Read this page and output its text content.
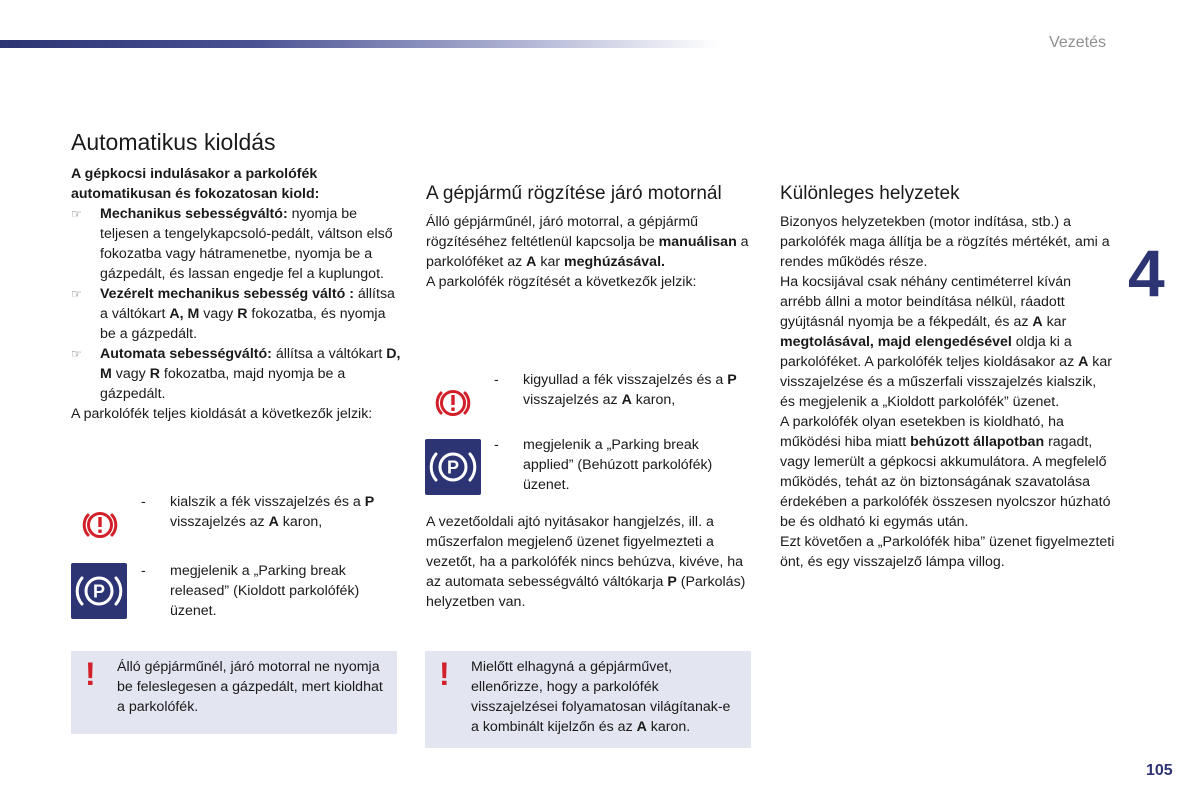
Vezetés
4
105
Automatikus kioldás

A gépkocsi indulásakor a parkolófék automatikusan és fokozatosan kiold:

☞ Mechanikus sebességváltó: nyomja be teljesen a tengelykapcsoló-pedált, váltson első fokozatba vagy hátramenetbe, nyomja be a gázpedált, és lassan engedje fel a kuplungot.
☞ Vezérelt mechanikus sebesség váltó : állítsa a váltókart A, M vagy R fokozatba, és nyomja be a gázpedált.
☞ Automata sebességváltó: állítsa a váltókart D, M vagy R fokozatba, majd nyomja be a gázpedált.

A parkolófék teljes kioldását a következők jelzik:

- kialszik a fék visszajelzés és a P visszajelzés az A karon,
P
- megjelenik a „Parking break released” (Kioldott parkolófék) üzenet.
! Álló gépjárműnél, járó motorral ne nyomja be feleslegesen a gázpedált, mert kioldhat a parkolófék.
A gépjármű rögzítése járó motornál

Álló gépjárműnél, járó motorral, a gépjármű rögzítéséhez feltétlenül kapcsolja be manuálisan a parkolóféket az A kar meghúzásával.

A parkolófék rögzítését a következők jelzik:

- kigyullad a fék visszajelzés és a P visszajelzés az A karon,
P
- megjelenik a „Parking break applied” (Behúzott parkolófék) üzenet.
A vezetőoldali ajtó nyitásakor hangjelzés, ill. a műszerfalon megjelenő üzenet figyelmezteti a vezetőt, ha a parkolófék nincs behúzva, kivéve, ha az automata sebességváltó váltókarja P (Parkolás) helyzetben van.
! Mielőtt elhagyná a gépjárművet, ellenőrizze, hogy a parkolófék visszajelzései folyamatosan világítanak-e a kombinált kijelzőn és az A karon.
Különleges helyzetek

Bizonyos helyzetekben (motor indítása, stb.) a parkolófék maga állítja be a rögzítés mértékét, ami a rendes működés része.

Ha kocsijával csak néhány centiméterrel kíván arrébb állni a motor beindítása nélkül, ráadott gyújtásnál nyomja be a fékpedált, és az A kar megtolásával, majd elengedésével oldja ki a parkolóféket. A parkolófék teljes kioldásakor az A kar visszajelzése és a műszerfali visszajelzés kialszik, és megjelenik a „Kioldott parkolófék” üzenet.

A parkolófék olyan esetekben is kioldható, ha működési hiba miatt behúzott állapotban ragadt, vagy lemerült a gépkocsi akkumulátora. A megfelelő működés, tehát az ön biztonságának szavatolása érdekében a parkolófék összesen nyolcszor húzható be és oldható ki egymás után.

Ezt követően a „Parkolófék hiba” üzenet figyelmezteti önt, és egy visszajelző lámpa villog.
